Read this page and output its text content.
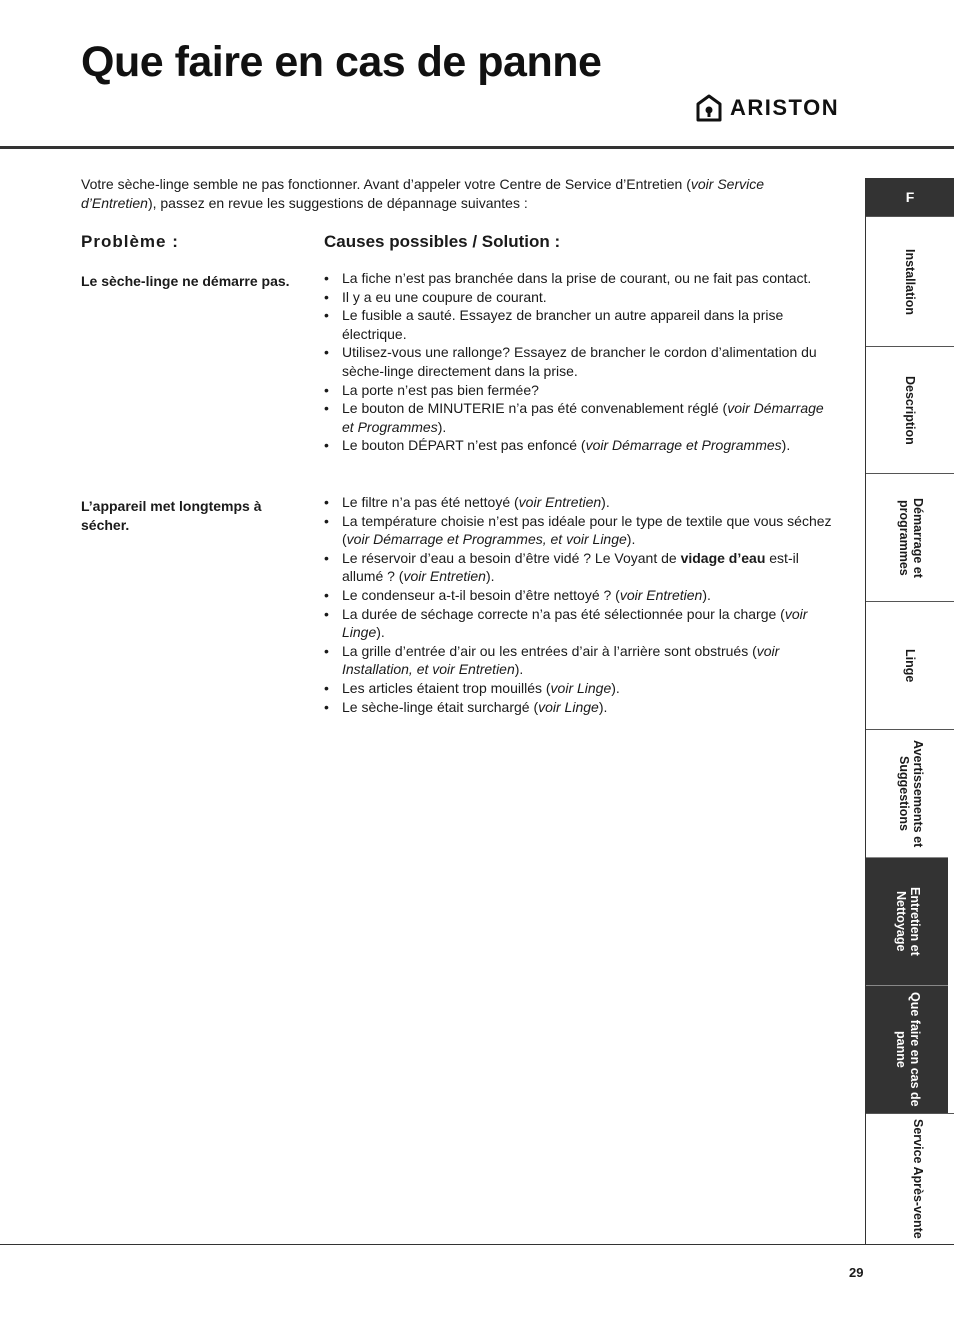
Que faire en cas de panne
ARISTON

Votre sèche-linge semble ne pas fonctionner. Avant d’appeler votre Centre de Service d’Entretien (voir Service d’Entretien), passez en revue les suggestions de dépannage suivantes :

Problème :	Causes possibles / Solution :

Le sèche-linge ne démarre pas.

•	La fiche n’est pas branchée dans la prise de courant, ou ne fait pas contact.
• Il y a eu une coupure de courant.
• Le fusible a sauté. Essayez de brancher un autre appareil dans la prise électrique.
• Utilisez-vous une rallonge? Essayez de brancher le cordon d’alimentation du sèche-linge directement dans la prise.
• La porte n’est pas bien fermée?
• Le bouton de MINUTERIE n’a pas été convenablement réglé (voir Démarrage et Programmes).
• Le bouton DÉPART n’est pas enfoncé (voir Démarrage et Programmes).

L’appareil met longtemps à sécher.

• Le filtre n’a pas été nettoyé (voir Entretien).
• La température choisie n’est pas idéale pour le type de textile que vous séchez (voir Démarrage et Programmes, et voir Linge).
• Le réservoir d’eau a besoin d’être vidé ? Le Voyant de vidage d’eau est-il allumé ? (voir Entretien).
• Le condenseur a-t-il besoin d’être nettoyé ? (voir Entretien).
• La durée de séchage correcte n’a pas été sélectionnée pour la charge (voir Linge).
• La grille d’entrée d’air ou les entrées d’air à l’arrière sont obstrués (voir Installation, et voir Entretien).
• Les articles étaient trop mouillés (voir Linge).
• Le sèche-linge était surchargé (voir Linge).
F
Installation
Description
Démarrage et programmes
Linge
Avertissements et Suggestions
Entretien et Nettoyage
Que faire en cas de panne
Service Après-vente
29
